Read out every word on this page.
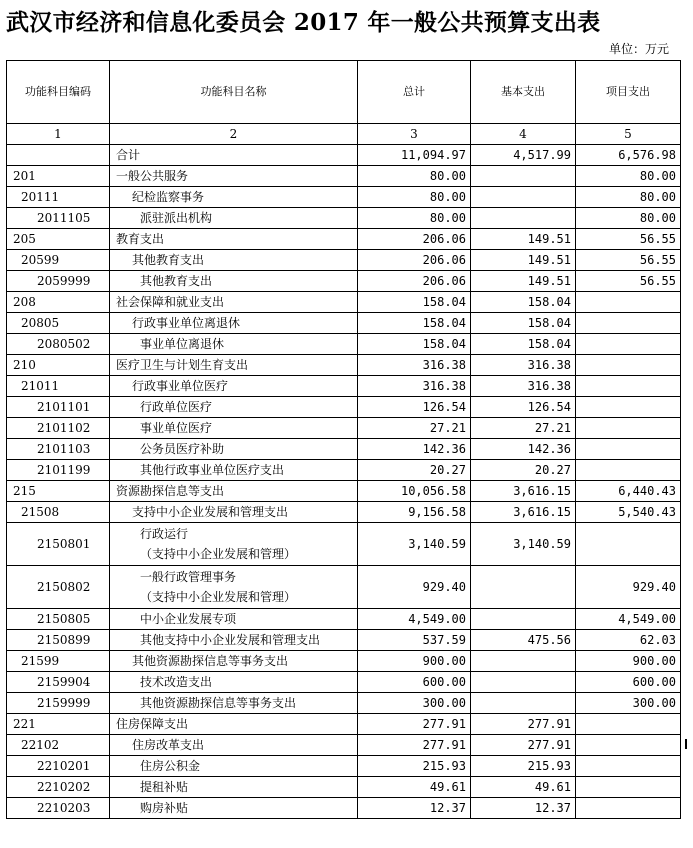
武汉市经济和信息化委员会 2017 年一般公共预算支出表
单位：万元
功能科目编码	功能科目名称	总计	基本支出	项目支出
1	2	3	4	5
	合计	11,094.97	4,517.99	6,576.98
201	一般公共服务	80.00		80.00
20111	纪检监察事务	80.00		80.00
2011105	派驻派出机构	80.00		80.00
205	教育支出	206.06	149.51	56.55
20599	其他教育支出	206.06	149.51	56.55
2059999	其他教育支出	206.06	149.51	56.55
208	社会保障和就业支出	158.04	158.04	
20805	行政事业单位离退休	158.04	158.04	
2080502	事业单位离退休	158.04	158.04	
210	医疗卫生与计划生育支出	316.38	316.38	
21011	行政事业单位医疗	316.38	316.38	
2101101	行政单位医疗	126.54	126.54	
2101102	事业单位医疗	27.21	27.21	
2101103	公务员医疗补助	142.36	142.36	
2101199	其他行政事业单位医疗支出	20.27	20.27	
215	资源勘探信息等支出	10,056.58	3,616.15	6,440.43
21508	支持中小企业发展和管理支出	9,156.58	3,616.15	5,540.43
2150801	行政运行
（支持中小企业发展和管理）	3,140.59	3,140.59	
2150802	一般行政管理事务
（支持中小企业发展和管理）	929.40		929.40
2150805	中小企业发展专项	4,549.00		4,549.00
2150899	其他支持中小企业发展和管理支出	537.59	475.56	62.03
21599	其他资源勘探信息等事务支出	900.00		900.00
2159904	技术改造支出	600.00		600.00
2159999	其他资源勘探信息等事务支出	300.00		300.00
221	住房保障支出	277.91	277.91	
22102	住房改革支出	277.91	277.91	
2210201	住房公积金	215.93	215.93	
2210202	提租补贴	49.61	49.61	
2210203	购房补贴	12.37	12.37	
